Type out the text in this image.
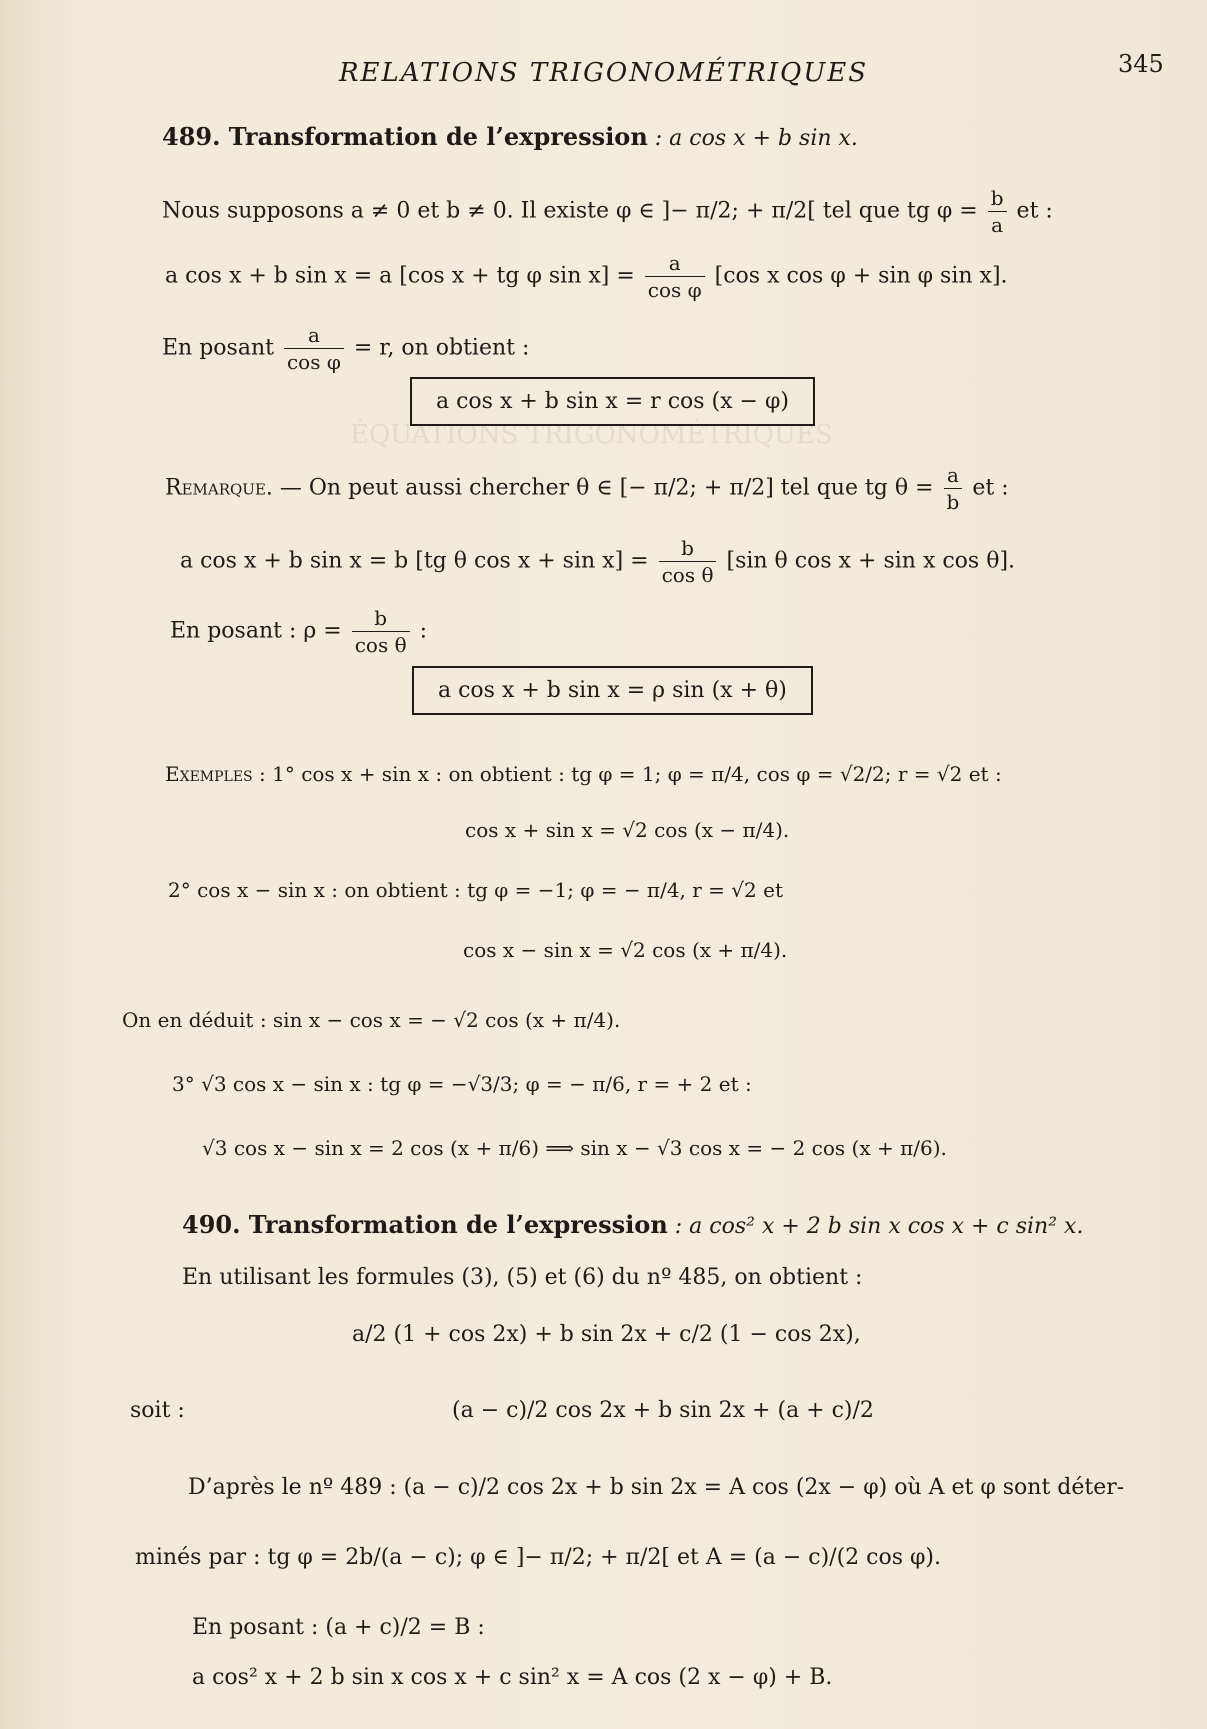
ÉQUATIONS TRIGONOMÉTRIQUES
RELATIONS TRIGONOMÉTRIQUES	345
489. Transformation de l’expression : a cos x + b sin x.
Nous supposons a ≠ 0 et b ≠ 0. Il existe φ ∈ ]− π/2; + π/2[ tel que tg $\varphi = \frac{b}{a}$ et :
a cos x + b sin x = a [cos x + tg φ $\sin x] = \frac{a}{\text{cos φ}} [\cos$ x cos φ + sin φ sin x].
En posant $\frac{a}{\text{cos φ}} = r$, on obtient :
a cos x + b sin x = r cos (x − φ)
Remarque. — On peut aussi chercher θ ∈ [− π/2; + π/2] tel que tg $\theta = \frac{a}{b}$ et :
a cos x + b sin x = b [tg θ $\cos x + \sin x] = \frac{b}{\text{cos θ}} [\sin$ θ cos x + sin x cos θ].
En posant : $\rho = \frac{b}{\text{cos θ}}$ :
a cos x + b sin x = ρ sin (x + θ)
Exemples : 1° cos x + sin x : on obtient : tg φ = 1; φ = π/4, cos φ = √2/2; r = √2 et :
cos x + sin x = √2 cos (x − π/4).
2° cos x − sin x : on obtient : tg φ = −1; φ = − π/4, r = √2 et
cos x − sin x = √2 cos (x + π/4).
On en déduit : sin x − cos x = − √2 cos (x + π/4).
3° √3 cos x − sin x : tg φ = −√3/3; φ = − π/6, r = + 2 et :
√3 cos x − sin x = 2 cos (x + π/6) ⟹ sin x − √3 cos x = − 2 cos (x + π/6).
490. Transformation de l’expression : a cos² x + 2 b sin x cos x + c sin² x.
En utilisant les formules (3), (5) et (6) du nº 485, on obtient :
a/2 (1 + cos 2x) + b sin 2x + c/2 (1 − cos 2x),
soit :	(a − c)/2 cos 2x + b sin 2x + (a + c)/2
D’après le nº 489 : (a − c)/2 cos 2x + b sin 2x = A cos (2x − φ) où A et φ sont déter-
minés par : tg φ = 2b/(a − c); φ ∈ ]− π/2; + π/2[ et A = (a − c)/(2 cos φ).
En posant : (a + c)/2 = B :
a cos² x + 2 b sin x cos x + c sin² x = A cos (2 x − φ) + B.
